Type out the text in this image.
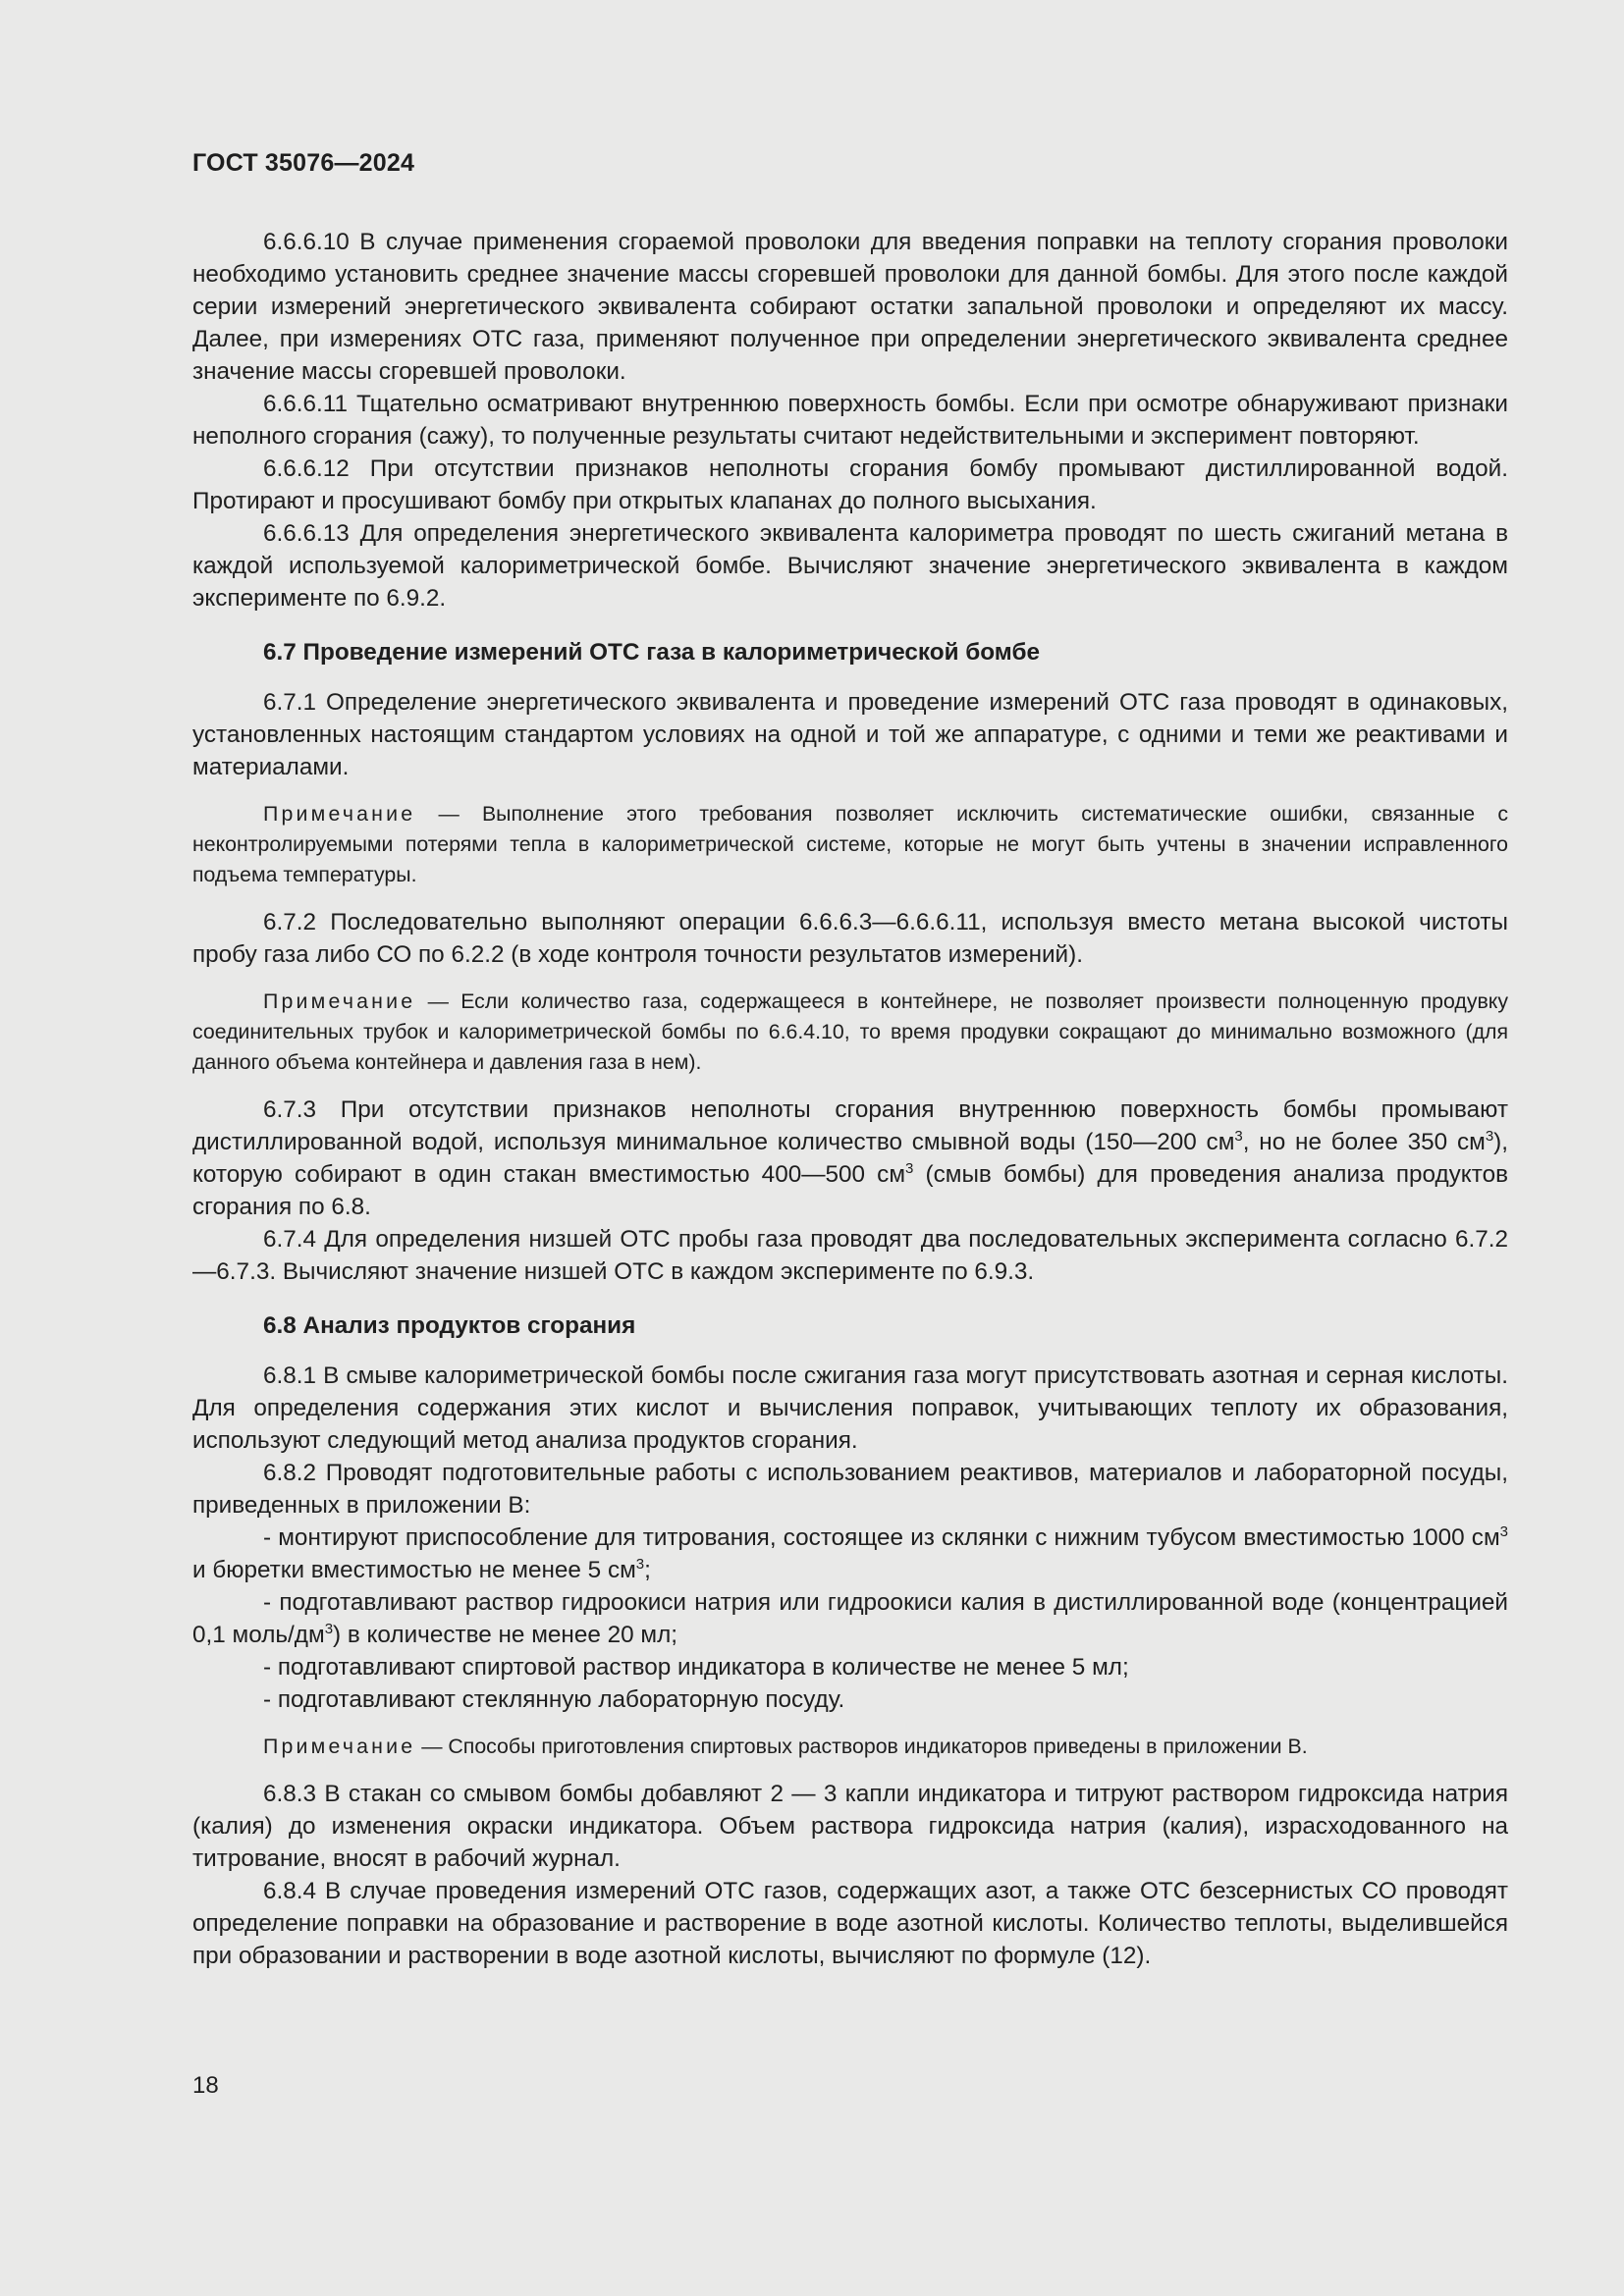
ГОСТ 35076—2024

6.6.6.10 В случае применения сгораемой проволоки для введения поправки на теплоту сгорания проволоки необходимо установить среднее значение массы сгоревшей проволоки для данной бомбы. Для этого после каждой серии измерений энергетического эквивалента собирают остатки запальной проволоки и определяют их массу. Далее, при измерениях ОТС газа, применяют полученное при определении энергетического эквивалента среднее значение массы сгоревшей проволоки.

6.6.6.11 Тщательно осматривают внутреннюю поверхность бомбы. Если при осмотре обнаруживают признаки неполного сгорания (сажу), то полученные результаты считают недействительными и эксперимент повторяют.

6.6.6.12 При отсутствии признаков неполноты сгорания бомбу промывают дистиллированной водой. Протирают и просушивают бомбу при открытых клапанах до полного высыхания.

6.6.6.13 Для определения энергетического эквивалента калориметра проводят по шесть сжиганий метана в каждой используемой калориметрической бомбе. Вычисляют значение энергетического эквивалента в каждом эксперименте по 6.9.2.

6.7 Проведение измерений ОТС газа в калориметрической бомбе

6.7.1 Определение энергетического эквивалента и проведение измерений ОТС газа проводят в одинаковых, установленных настоящим стандартом условиях на одной и той же аппаратуре, с одними и теми же реактивами и материалами.

Примечание — Выполнение этого требования позволяет исключить систематические ошибки, связанные с неконтролируемыми потерями тепла в калориметрической системе, которые не могут быть учтены в значении исправленного подъема температуры.

6.7.2 Последовательно выполняют операции 6.6.6.3—6.6.6.11, используя вместо метана высокой чистоты пробу газа либо СО по 6.2.2 (в ходе контроля точности результатов измерений).

Примечание — Если количество газа, содержащееся в контейнере, не позволяет произвести полноценную продувку соединительных трубок и калориметрической бомбы по 6.6.4.10, то время продувки сокращают до минимально возможного (для данного объема контейнера и давления газа в нем).

6.7.3 При отсутствии признаков неполноты сгорания внутреннюю поверхность бомбы промывают дистиллированной водой, используя минимальное количество смывной воды (150—200 $см^3$, но не более 350 $см^3$), которую собирают в один стакан вместимостью 400—500 $см^3$ (смыв бомбы) для проведения анализа продуктов сгорания по 6.8.

6.7.4 Для определения низшей ОТС пробы газа проводят два последовательных эксперимента согласно 6.7.2—6.7.3. Вычисляют значение низшей ОТС в каждом эксперименте по 6.9.3.

6.8 Анализ продуктов сгорания

6.8.1 В смыве калориметрической бомбы после сжигания газа могут присутствовать азотная и серная кислоты. Для определения содержания этих кислот и вычисления поправок, учитывающих теплоту их образования, используют следующий метод анализа продуктов сгорания.

6.8.2 Проводят подготовительные работы с использованием реактивов, материалов и лабораторной посуды, приведенных в приложении В:

- монтируют приспособление для титрования, состоящее из склянки с нижним тубусом вместимостью 1000 $см^3$ и бюретки вместимостью не менее 5 $см^3$;

- подготавливают раствор гидроокиси натрия или гидроокиси калия в дистиллированной воде (концентрацией 0,1 моль/$дм^3$) в количестве не менее 20 мл;

- подготавливают спиртовой раствор индикатора в количестве не менее 5 мл;

- подготавливают стеклянную лабораторную посуду.

Примечание — Способы приготовления спиртовых растворов индикаторов приведены в приложении В.

6.8.3 В стакан со смывом бомбы добавляют 2 — 3 капли индикатора и титруют раствором гидроксида натрия (калия) до изменения окраски индикатора. Объем раствора гидроксида натрия (калия), израсходованного на титрование, вносят в рабочий журнал.

6.8.4 В случае проведения измерений ОТС газов, содержащих азот, а также ОТС безсернистых СО проводят определение поправки на образование и растворение в воде азотной кислоты. Количество теплоты, выделившейся при образовании и растворении в воде азотной кислоты, вычисляют по формуле (12).

18
